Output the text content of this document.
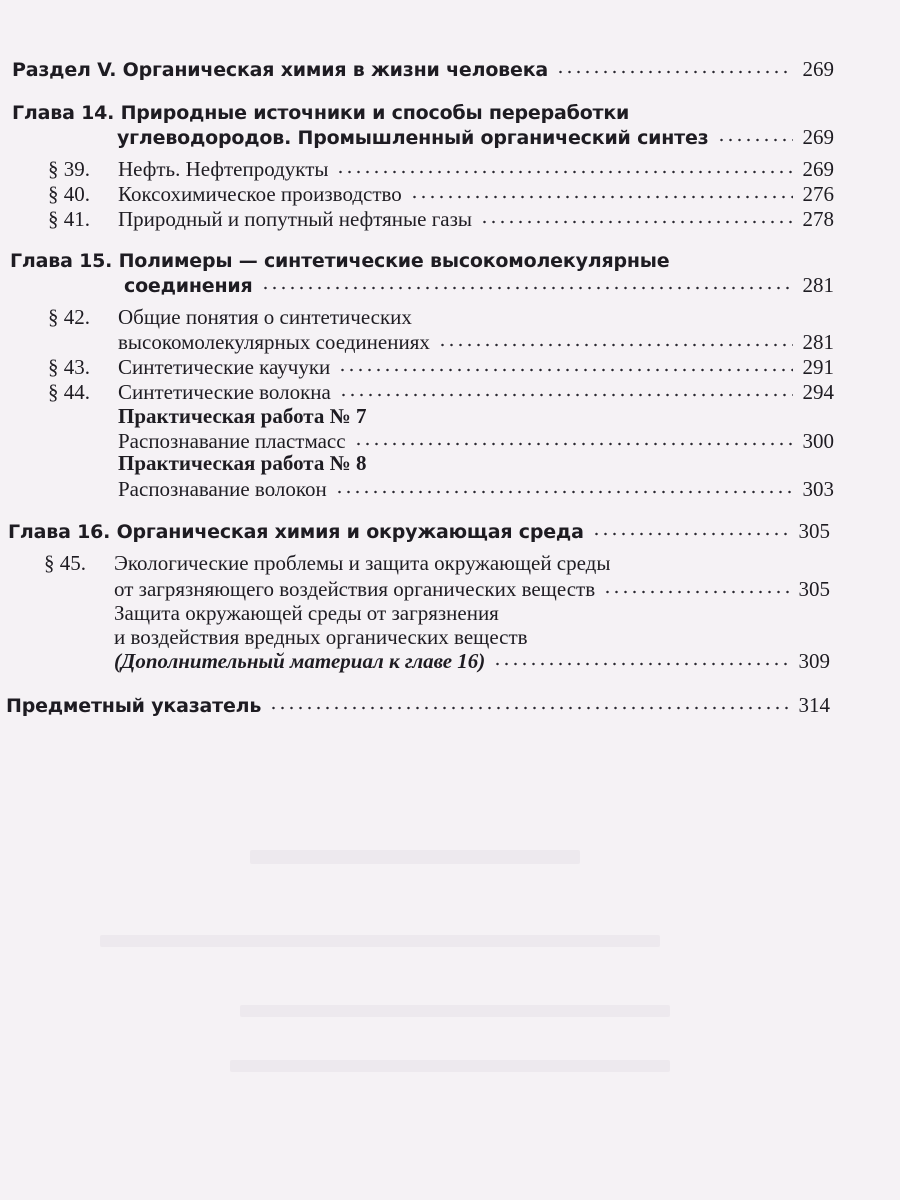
Раздел V. Органическая химия в жизни человека	269
Глава 14. Природные источники и способы переработки
углеводородов. Промышленный органический синтез	269
§ 39.	Нефть. Нефтепродукты	269
§ 40.	Коксохимическое производство	276
§ 41.	Природный и попутный нефтяные газы	278
Глава 15. Полимеры — синтетические высокомолекулярные
соединения	281
§ 42.	Общие понятия о синтетических
высокомолекулярных соединениях	281
§ 43.	Синтетические каучуки	291
§ 44.	Синтетические волокна	294
Практическая работа № 7
Распознавание пластмасс	300
Практическая работа № 8
Распознавание волокон	303
Глава 16. Органическая химия и окружающая среда	305
§ 45.	Экологические проблемы и защита окружающей среды
от загрязняющего воздействия органических веществ	305
Защита окружающей среды от загрязнения
и воздействия вредных органических веществ
(Дополнительный материал к главе 16)	309
Предметный указатель	314
